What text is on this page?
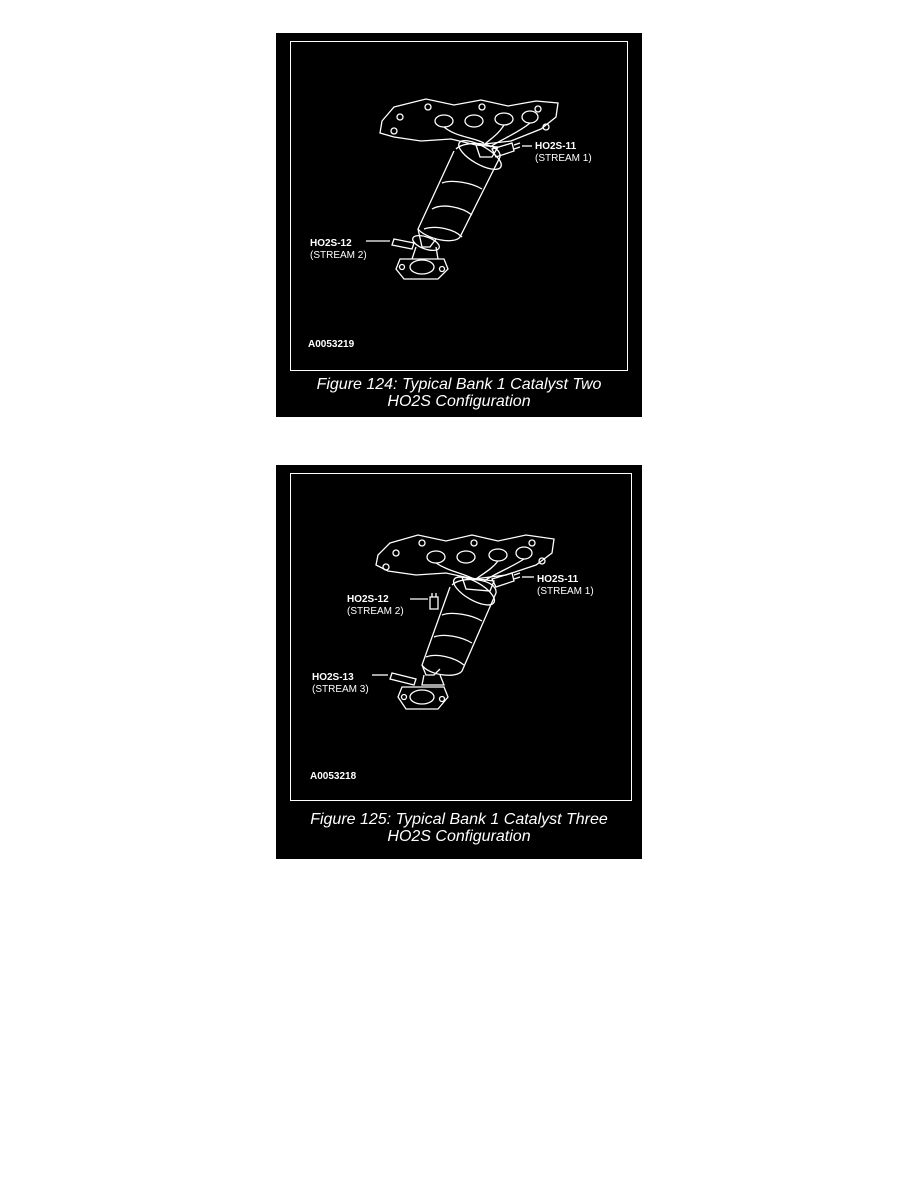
HO2S-11
(STREAM 1)
HO2S-12
(STREAM 2)
A0053219
Figure 124: Typical Bank 1 Catalyst Two
HO2S Configuration
HO2S-11
(STREAM 1)
HO2S-12
(STREAM 2)
HO2S-13
(STREAM 3)
A0053218
Figure 125: Typical Bank 1 Catalyst Three
HO2S Configuration
